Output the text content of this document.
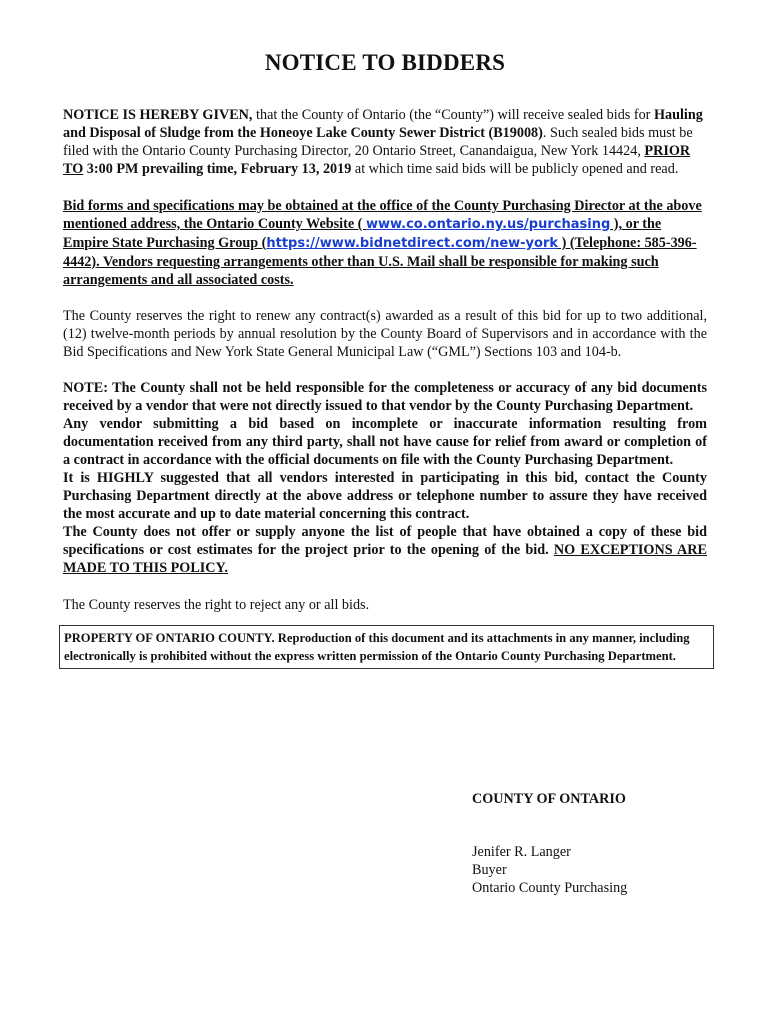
NOTICE TO BIDDERS

NOTICE IS HEREBY GIVEN, that the County of Ontario (the “County”) will receive sealed bids for Hauling and Disposal of Sludge from the Honeoye Lake County Sewer District (B19008). Such sealed bids must be filed with the Ontario County Purchasing Director, 20 Ontario Street, Canandaigua, New York 14424, PRIOR TO 3:00 PM prevailing time, February 13, 2019 at which time said bids will be publicly opened and read.

Bid forms and specifications may be obtained at the office of the County Purchasing Director at the above mentioned address, the Ontario County Website ( www.co.ontario.ny.us/purchasing ), or the Empire State Purchasing Group (https://www.bidnetdirect.com/new-york ) (Telephone: 585-396-4442). Vendors requesting arrangements other than U.S. Mail shall be responsible for making such arrangements and all associated costs.

The County reserves the right to renew any contract(s) awarded as a result of this bid for up to two additional, (12) twelve-month periods by annual resolution by the County Board of Supervisors and in accordance with the Bid Specifications and New York State General Municipal Law (“GML”) Sections 103 and 104-b.

NOTE: The County shall not be held responsible for the completeness or accuracy of any bid documents received by a vendor that were not directly issued to that vendor by the County Purchasing Department.

Any vendor submitting a bid based on incomplete or inaccurate information resulting from documentation received from any third party, shall not have cause for relief from award or completion of a contract in accordance with the official documents on file with the County Purchasing Department.

It is HIGHLY suggested that all vendors interested in participating in this bid, contact the County Purchasing Department directly at the above address or telephone number to assure they have received the most accurate and up to date material concerning this contract.

The County does not offer or supply anyone the list of people that have obtained a copy of these bid specifications or cost estimates for the project prior to the opening of the bid. NO EXCEPTIONS ARE MADE TO THIS POLICY.

The County reserves the right to reject any or all bids.

PROPERTY OF ONTARIO COUNTY. Reproduction of this document and its attachments in any manner, including electronically is prohibited without the express written permission of the Ontario County Purchasing Department.
COUNTY OF ONTARIO
Jenifer R. Langer
Buyer
Ontario County Purchasing
